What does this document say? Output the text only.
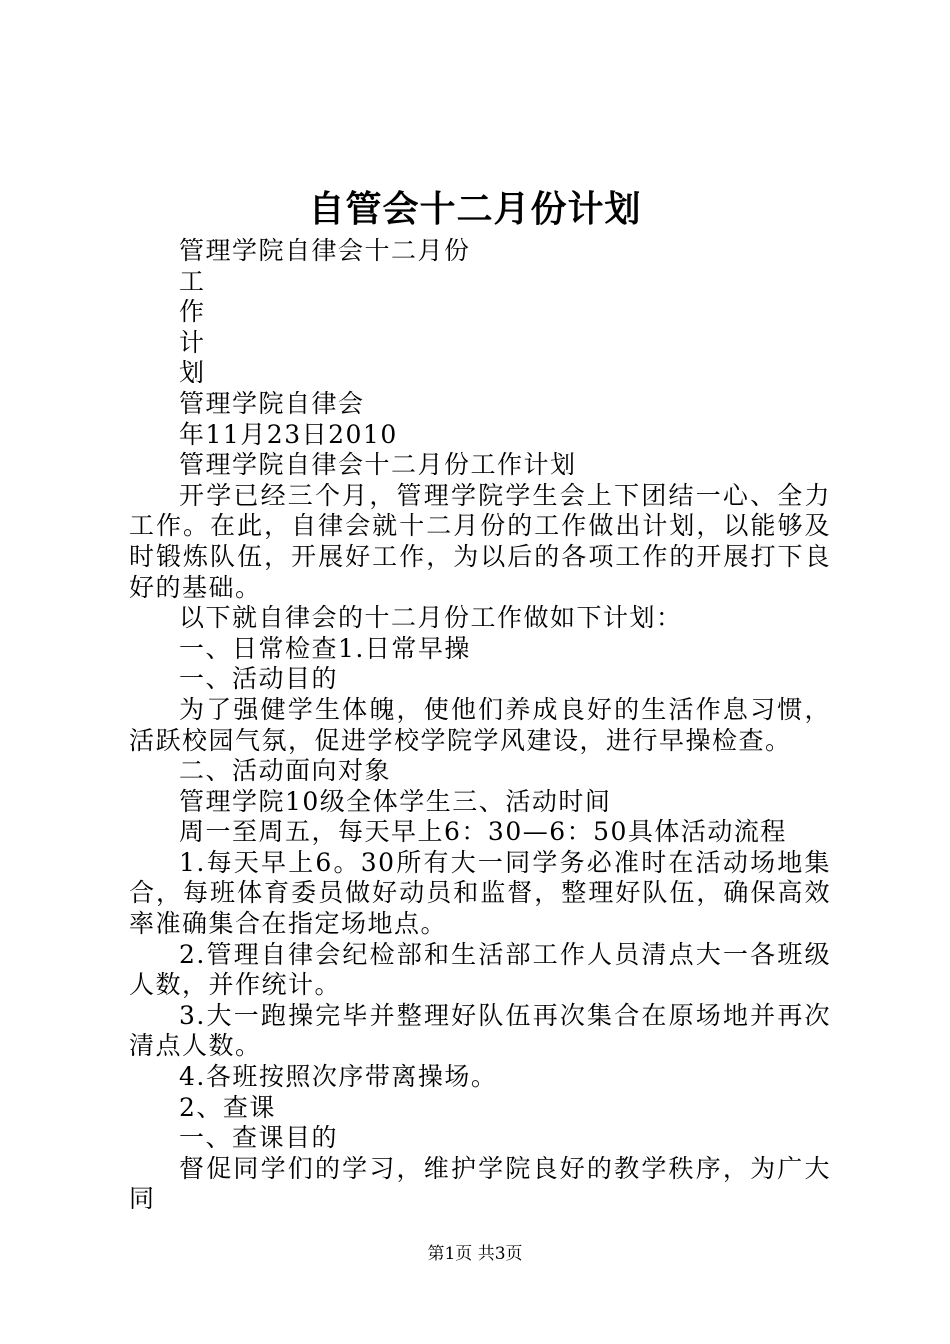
自管会十二月份计划

管理学院自律会十二月份

工

作

计

划

管理学院自律会

年11月23日2010

管理学院自律会十二月份工作计划

开学已经三个月，管理学院学生会上下团结一心、全力工作。在此，自律会就十二月份的工作做出计划，以能够及时锻炼队伍，开展好工作，为以后的各项工作的开展打下良好的基础。

以下就自律会的十二月份工作做如下计划：

一、日常检查1.日常早操

一、活动目的

为了强健学生体魄，使他们养成良好的生活作息习惯，活跃校园气氛，促进学校学院学风建设，进行早操检查。

二、活动面向对象

管理学院10级全体学生三、活动时间

周一至周五，每天早上6：30—6：50具体活动流程

1.每天早上6。30所有大一同学务必准时在活动场地集合，每班体育委员做好动员和监督，整理好队伍，确保高效率准确集合在指定场地点。

2.管理自律会纪检部和生活部工作人员清点大一各班级人数，并作统计。

3.大一跑操完毕并整理好队伍再次集合在原场地并再次清点人数。

4.各班按照次序带离操场。

2、查课

一、查课目的

督促同学们的学习，维护学院良好的教学秩序，为广大同

第1页 共3页
